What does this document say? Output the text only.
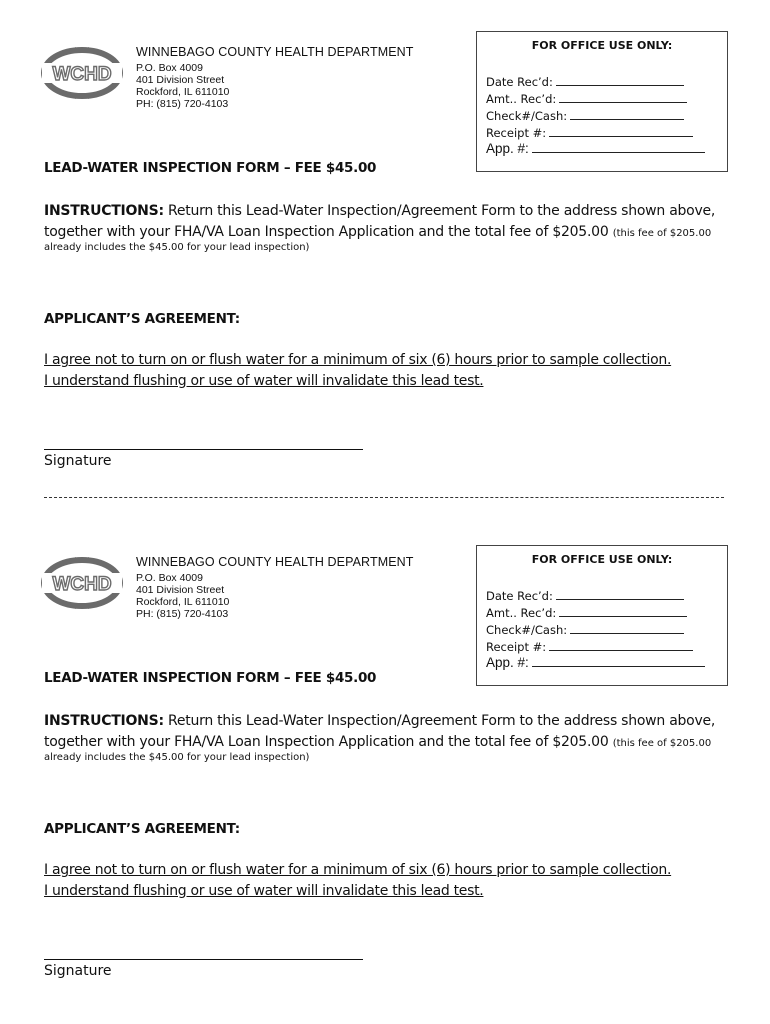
WCHD
WINNEBAGO COUNTY HEALTH DEPARTMENT
P.O. Box 4009
401 Division Street
Rockford, IL 611010
PH: (815) 720-4103
FOR OFFICE USE ONLY:
Date Rec’d:
Amt.. Rec’d:
Check#/Cash:
Receipt #:
App. #:
LEAD-WATER INSPECTION FORM – FEE $45.00
INSTRUCTIONS: Return this Lead-Water Inspection/Agreement Form to the address shown above, together with your FHA/VA Loan Inspection Application and the total fee of $205.00 (this fee of $205.00
already includes the $45.00 for your lead inspection)
APPLICANT’S AGREEMENT:
I agree not to turn on or flush water for a minimum of six (6) hours prior to sample collection.
I understand flushing or use of water will invalidate this lead test.
Signature
WCHD
WINNEBAGO COUNTY HEALTH DEPARTMENT
P.O. Box 4009
401 Division Street
Rockford, IL 611010
PH: (815) 720-4103
FOR OFFICE USE ONLY:
Date Rec’d:
Amt.. Rec’d:
Check#/Cash:
Receipt #:
App. #:
LEAD-WATER INSPECTION FORM – FEE $45.00
INSTRUCTIONS: Return this Lead-Water Inspection/Agreement Form to the address shown above, together with your FHA/VA Loan Inspection Application and the total fee of $205.00 (this fee of $205.00
already includes the $45.00 for your lead inspection)
APPLICANT’S AGREEMENT:
I agree not to turn on or flush water for a minimum of six (6) hours prior to sample collection.
I understand flushing or use of water will invalidate this lead test.
Signature
